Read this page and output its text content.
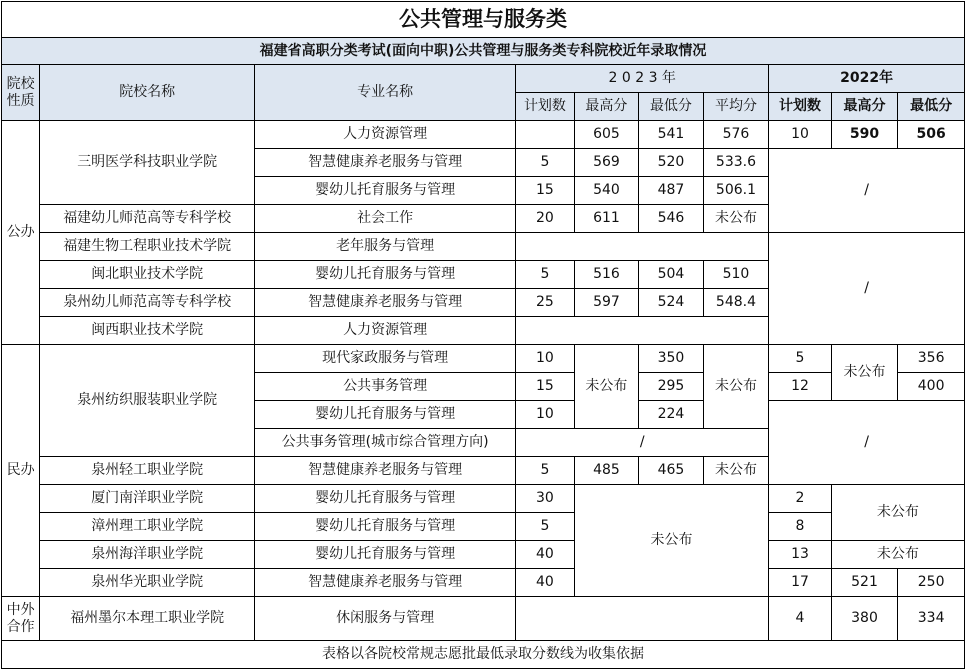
公共管理与服务类									
福建省高职分类考试(面向中职)公共管理与服务类专科院校近年录取情况									
院校性质	院校名称	专业名称	2 0 2 3 年				2022年		
			计划数	最高分	最低分	平均分	计划数	最高分	最低分
公办	三明医学科技职业学院	人力资源管理		605	541	576	10	590	506
		智慧健康养老服务与管理	5	569	520	533.6	/		
		婴幼儿托育服务与管理	15	540	487	506.1			
	福建幼儿师范高等专科学校	社会工作	20	611	546	未公布			
	福建生物工程职业技术学院	老年服务与管理					/		
	闽北职业技术学院	婴幼儿托育服务与管理	5	516	504	510			
	泉州幼儿师范高等专科学校	智慧健康养老服务与管理	25	597	524	548.4			
	闽西职业技术学院	人力资源管理							
民办	泉州纺织服装职业学院	现代家政服务与管理	10	未公布	350	未公布	5	未公布	356
		公共事务管理	15		295		12		400
		婴幼儿托育服务与管理	10		224		/		
		公共事务管理(城市综合管理方向)	/						
	泉州轻工职业学院	智慧健康养老服务与管理	5	485	465	未公布			
	厦门南洋职业学院	婴幼儿托育服务与管理	30	未公布			2	未公布	
	漳州理工职业学院	婴幼儿托育服务与管理	5				8		
	泉州海洋职业学院	婴幼儿托育服务与管理	40				13	未公布	
	泉州华光职业学院	智慧健康养老服务与管理	40				17	521	250
中外合作	福州墨尔本理工职业学院	休闲服务与管理					4	380	334
表格以各院校常规志愿批最低录取分数线为收集依据									
